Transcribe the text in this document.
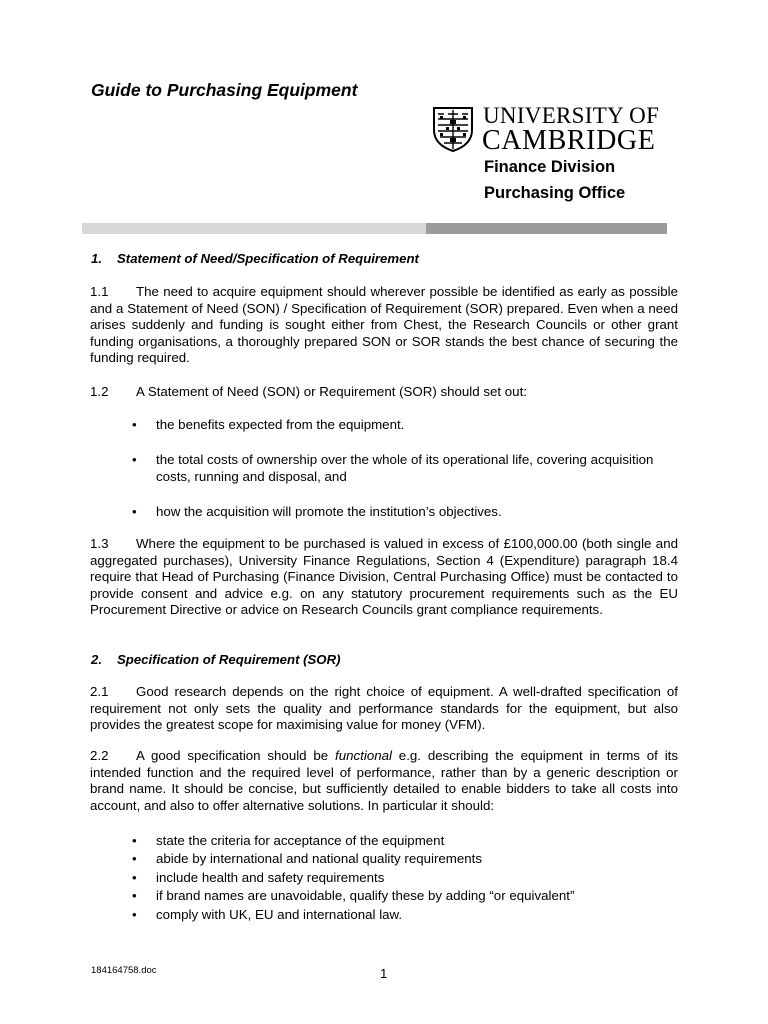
Guide to Purchasing Equipment
UNIVERSITY OF
CAMBRIDGE
Finance Division
Purchasing Office
1. Statement of Need/Specification of Requirement
1.1 The need to acquire equipment should wherever possible be identified as early as possible and a Statement of Need (SON) / Specification of Requirement (SOR) prepared. Even when a need arises suddenly and funding is sought either from Chest, the Research Councils or other grant funding organisations, a thoroughly prepared SON or SOR stands the best chance of securing the funding required.
1.2 A Statement of Need (SON) or Requirement (SOR) should set out:
•	the benefits expected from the equipment.
•	the total costs of ownership over the whole of its operational life, covering acquisition costs, running and disposal, and
•	how the acquisition will promote the institution’s objectives.
1.3 Where the equipment to be purchased is valued in excess of £100,000.00 (both single and aggregated purchases), University Finance Regulations, Section 4 (Expenditure) paragraph 18.4 require that Head of Purchasing (Finance Division, Central Purchasing Office) must be contacted to provide consent and advice e.g. on any statutory procurement requirements such as the EU Procurement Directive or advice on Research Councils grant compliance requirements.
2. Specification of Requirement (SOR)
2.1 Good research depends on the right choice of equipment. A well-drafted specification of requirement not only sets the quality and performance standards for the equipment, but also provides the greatest scope for maximising value for money (VFM).
2.2 A good specification should be functional e.g. describing the equipment in terms of its intended function and the required level of performance, rather than by a generic description or brand name. It should be concise, but sufficiently detailed to enable bidders to take all costs into account, and also to offer alternative solutions. In particular it should:
•	state the criteria for acceptance of the equipment
•	abide by international and national quality requirements
•	include health and safety requirements
•	if brand names are unavoidable, qualify these by adding “or equivalent”
•	comply with UK, EU and international law.
184164758.doc	1
